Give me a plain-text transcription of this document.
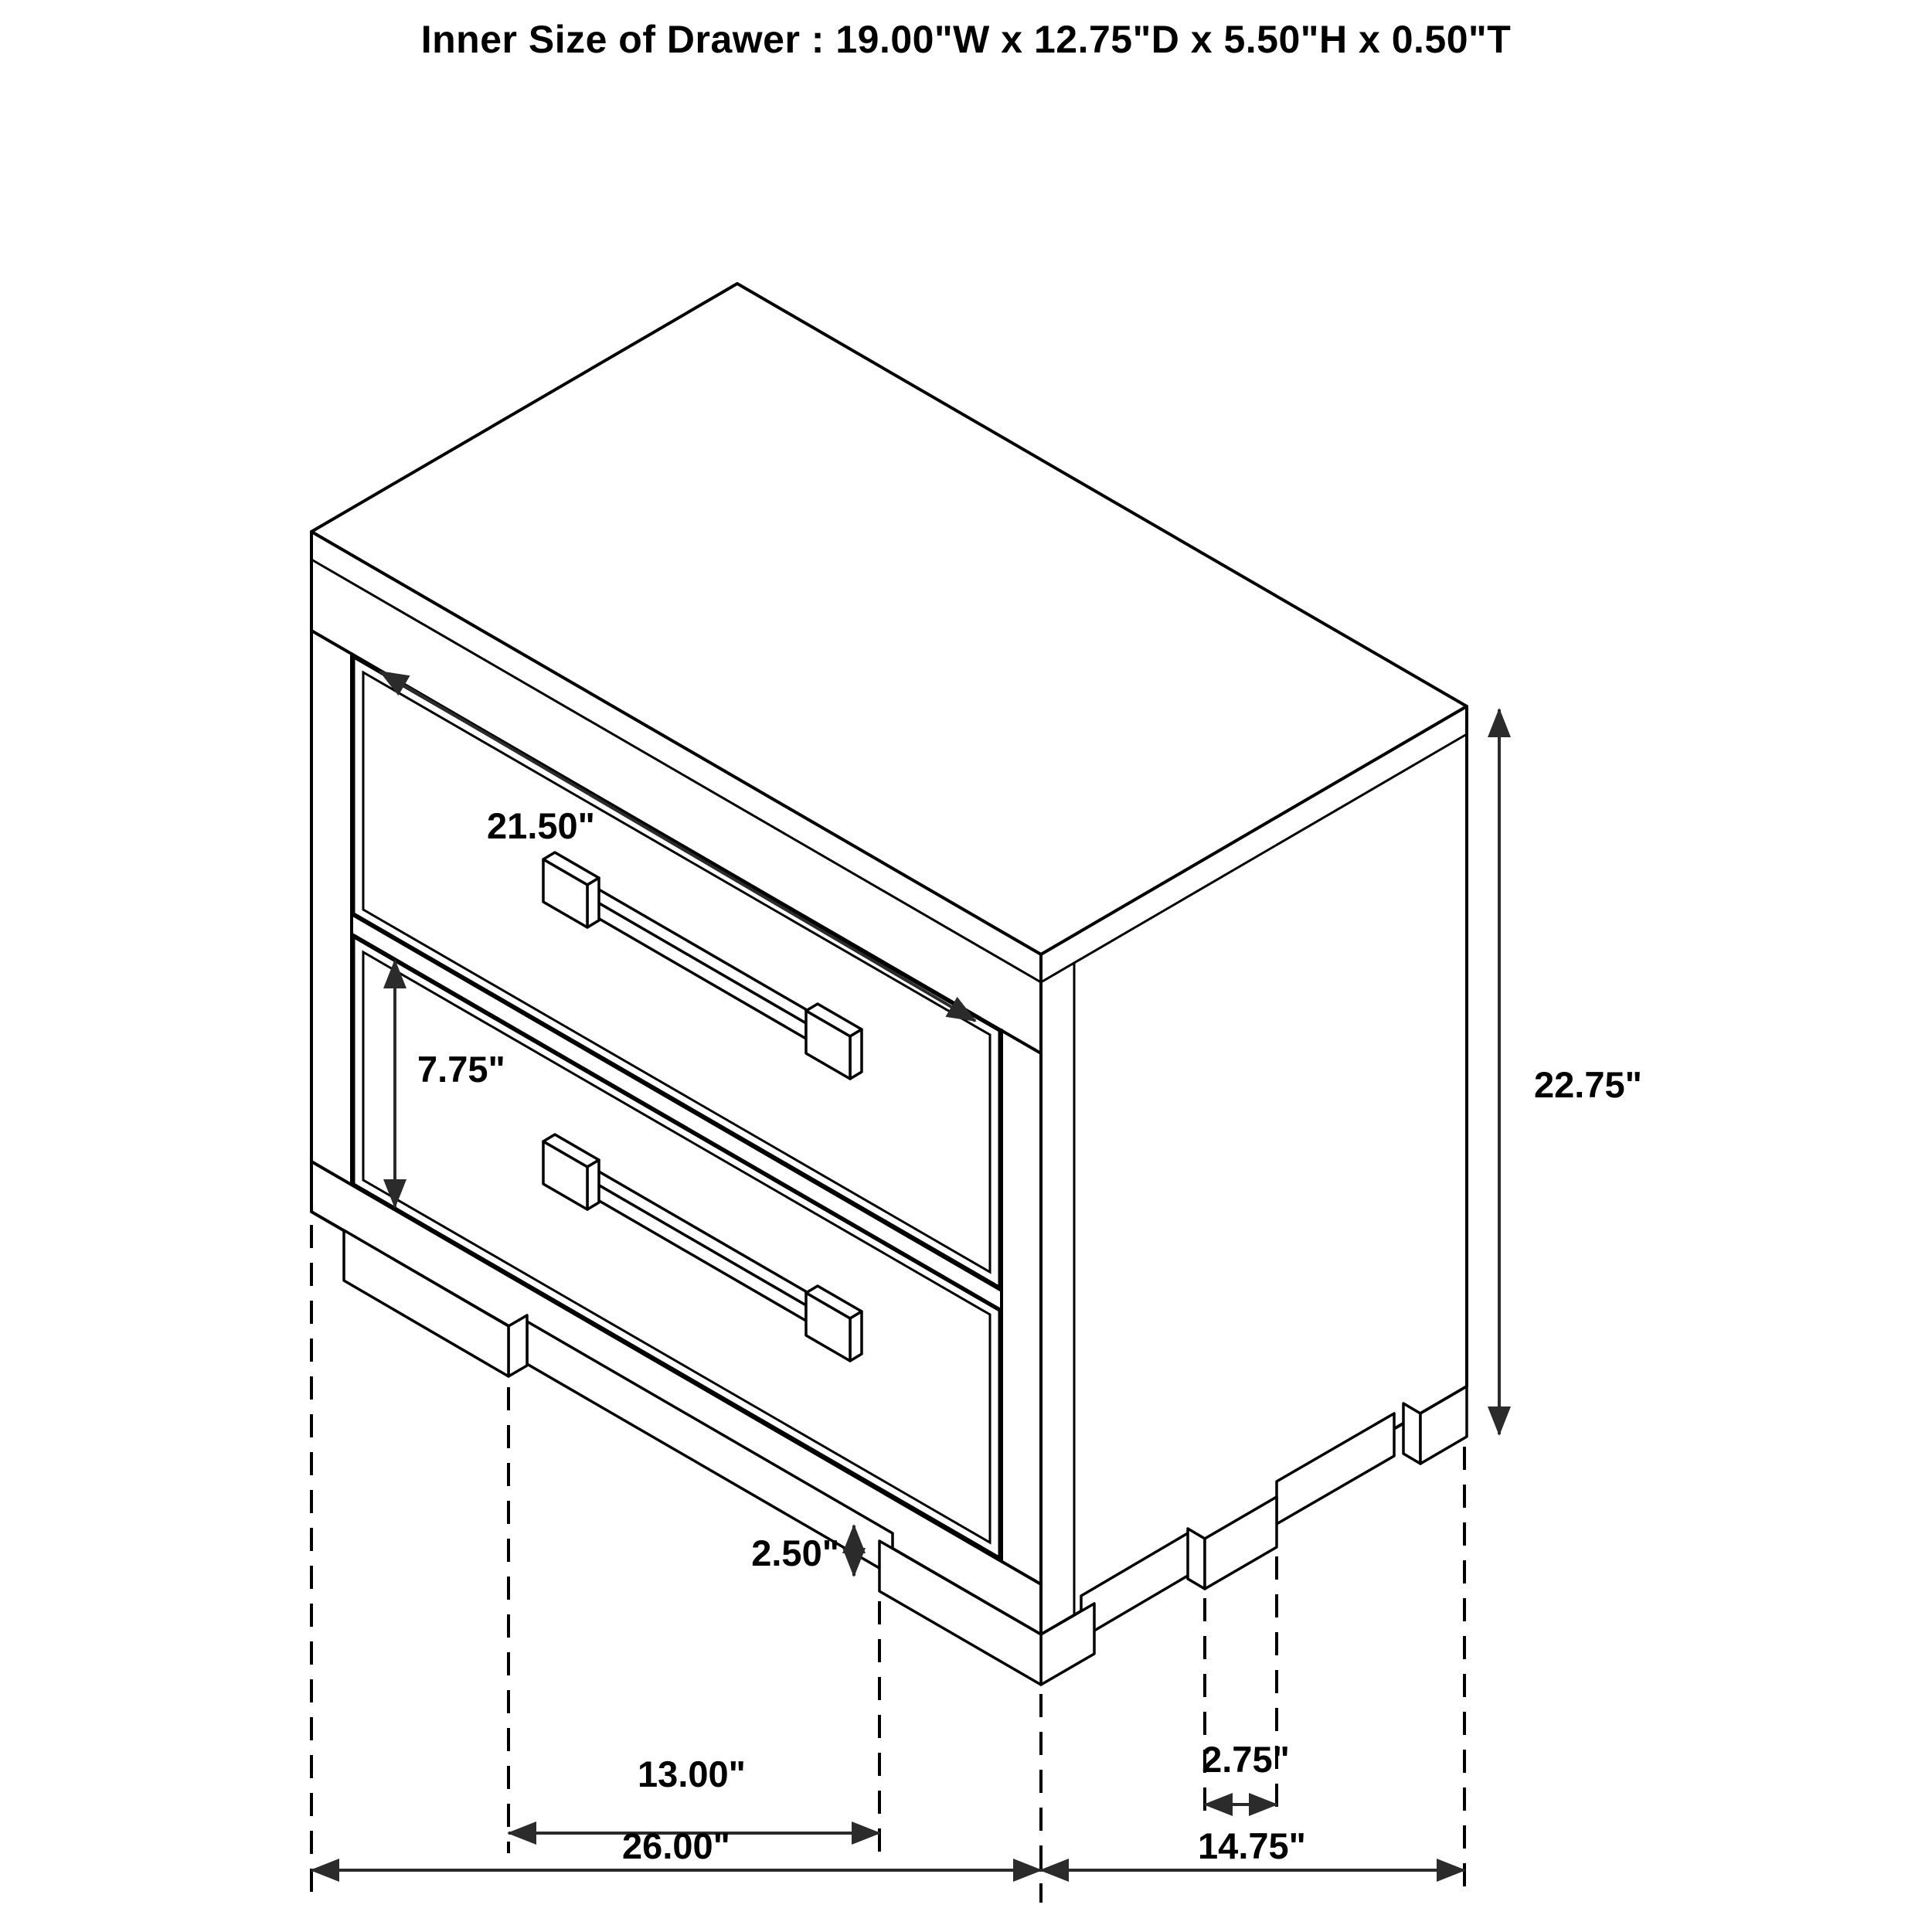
Inner Size of Drawer : 19.00"W x 12.75"D x 5.50"H x 0.50"T
21.50"
7.75"	22.75"
2.50"
13.00"	2.75"
26.00"	14.75"
